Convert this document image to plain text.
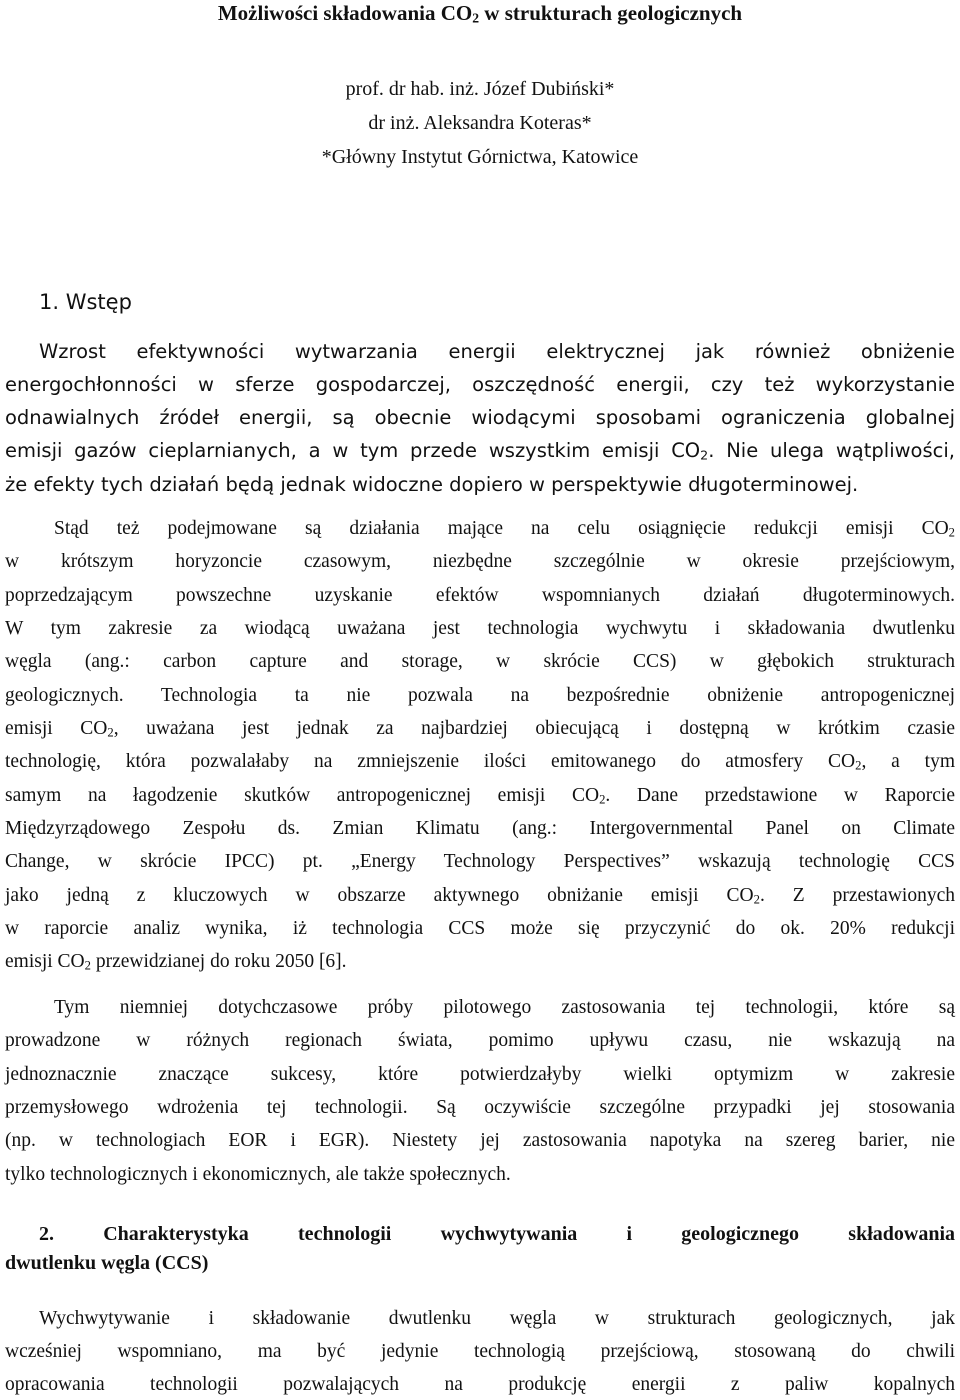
Możliwości składowania $CO_2$ w strukturach geologicznych
prof. dr hab. inż. Józef Dubiński*
dr inż. Aleksandra Koteras*
*Główny Instytut Górnictwa, Katowice
1. Wstęp
Wzrost efektywności wytwarzania energii elektrycznej jak również obniżenie
energochłonności w sferze gospodarczej, oszczędność energii, czy też wykorzystanie
odnawialnych źródeł energii, są obecnie wiodącymi sposobami ograniczenia globalnej
emisji gazów cieplarnianych, a w tym przede wszystkim emisji $CO_2$. Nie ulega wątpliwości,
że efekty tych działań będą jednak widoczne dopiero w perspektywie długoterminowej.
Stąd też podejmowane są działania mające na celu osiągnięcie redukcji emisji $CO_2$
w krótszym horyzoncie czasowym, niezbędne szczególnie w okresie przejściowym,
poprzedzającym powszechne uzyskanie efektów wspomnianych działań długoterminowych.
W tym zakresie za wiodącą uważana jest technologia wychwytu i składowania dwutlenku
węgla (ang.: carbon capture and storage, w skrócie CCS) w głębokich strukturach
geologicznych. Technologia ta nie pozwala na bezpośrednie obniżenie antropogenicznej
emisji $CO_2$, uważana jest jednak za najbardziej obiecującą i dostępną w krótkim czasie
technologię, która pozwalałaby na zmniejszenie ilości emitowanego do atmosfery $CO_2$, a tym
samym na łagodzenie skutków antropogenicznej emisji $CO_2$. Dane przedstawione w Raporcie
Międzyrządowego Zespołu ds. Zmian Klimatu (ang.: Intergovernmental Panel on Climate
Change, w skrócie IPCC) pt. „Energy Technology Perspectives” wskazują technologię CCS
jako jedną z kluczowych w obszarze aktywnego obniżanie emisji $CO_2$. Z przestawionych
w raporcie analiz wynika, iż technologia CCS może się przyczynić do ok. 20% redukcji
emisji $CO_2$ przewidzianej do roku 2050 [6].
Tym niemniej dotychczasowe próby pilotowego zastosowania tej technologii, które są
prowadzone w różnych regionach świata, pomimo upływu czasu, nie wskazują na
jednoznacznie znaczące sukcesy, które potwierdzałyby wielki optymizm w zakresie
przemysłowego wdrożenia tej technologii. Są oczywiście szczególne przypadki jej stosowania
(np. w technologiach EOR i EGR). Niestety jej zastosowania napotyka na szereg barier, nie
tylko technologicznych i ekonomicznych, ale także społecznych.
2. Charakterystyka technologii wychwytywania i geologicznego składowania
dwutlenku węgla (CCS)
Wychwytywanie i składowanie dwutlenku węgla w strukturach geologicznych, jak
wcześniej wspomniano, ma być jedynie technologią przejściową, stosowaną do chwili
opracowania technologii pozwalających na produkcję energii z paliw kopalnych
